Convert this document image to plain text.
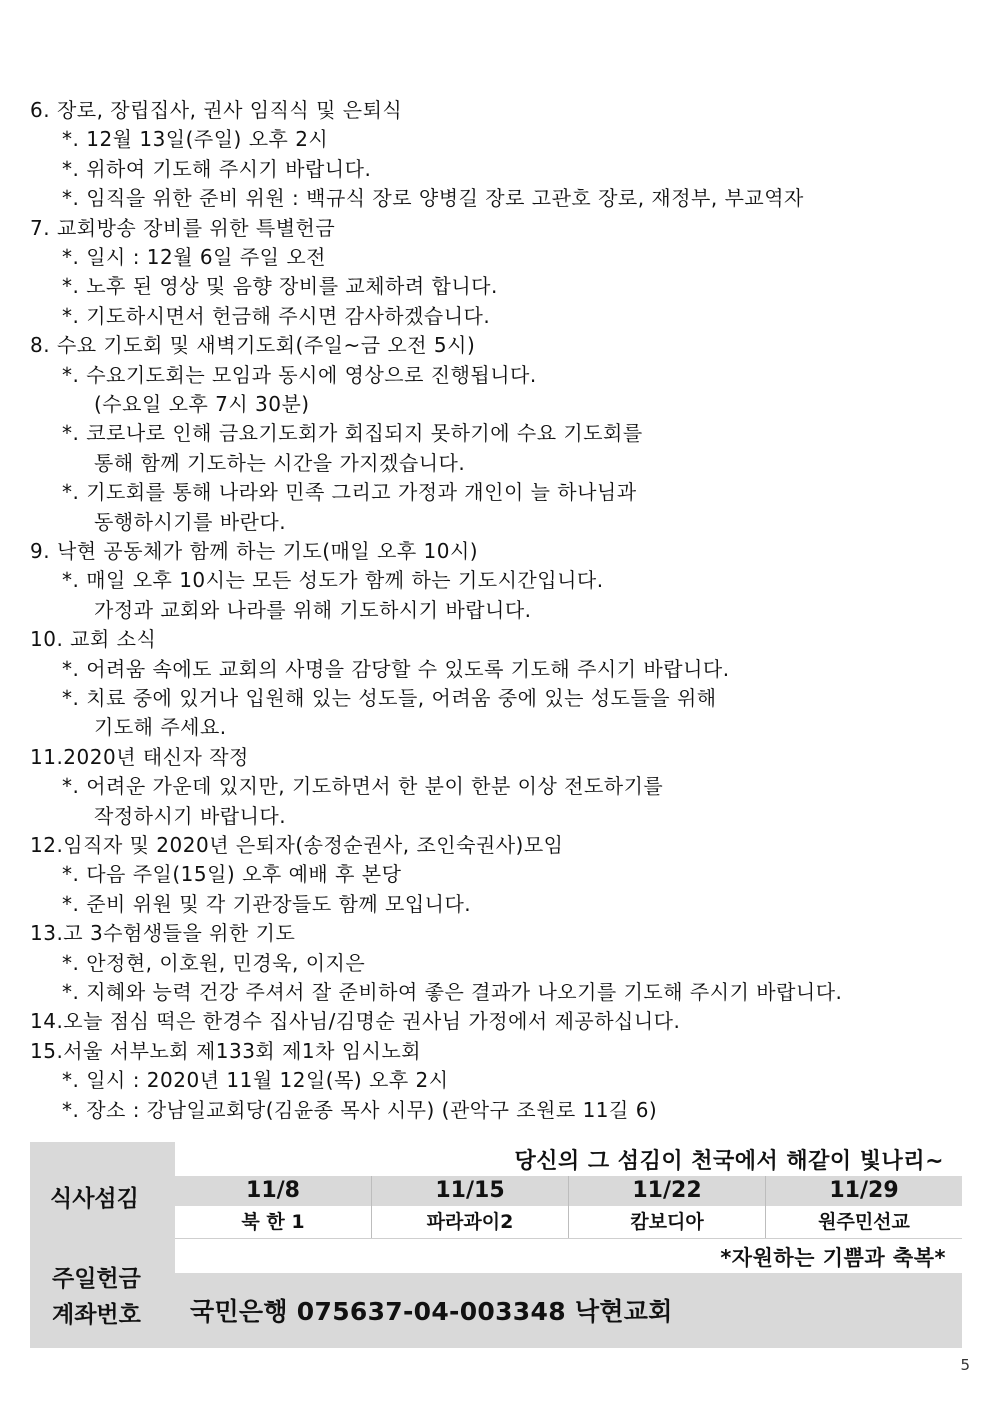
6. 장로, 장립집사, 권사 임직식 및 은퇴식
*. 12월 13일(주일) 오후 2시
*. 위하여 기도해 주시기 바랍니다.
*. 임직을 위한 준비 위원 : 백규식 장로 양병길 장로 고관호 장로, 재정부, 부교역자
7. 교회방송 장비를 위한 특별헌금
*. 일시 : 12월 6일 주일 오전
*. 노후 된 영상 및 음향 장비를 교체하려 합니다.
*. 기도하시면서 헌금해 주시면 감사하겠습니다.
8. 수요 기도회 및 새벽기도회(주일~금 오전 5시)
*. 수요기도회는 모임과 동시에 영상으로 진행됩니다.
(수요일 오후 7시 30분)
*. 코로나로 인해 금요기도회가 회집되지 못하기에 수요 기도회를
통해 함께 기도하는 시간을 가지겠습니다.
*. 기도회를 통해 나라와 민족 그리고 가정과 개인이 늘 하나님과
동행하시기를 바란다.
9. 낙현 공동체가 함께 하는 기도(매일 오후 10시)
*. 매일 오후 10시는 모든 성도가 함께 하는 기도시간입니다.
가정과 교회와 나라를 위해 기도하시기 바랍니다.
10. 교회 소식
*. 어려움 속에도 교회의 사명을 감당할 수 있도록 기도해 주시기 바랍니다.
*. 치료 중에 있거나 입원해 있는 성도들, 어려움 중에 있는 성도들을 위해
기도해 주세요.
11.2020년 태신자 작정
*. 어려운 가운데 있지만, 기도하면서 한 분이 한분 이상 전도하기를
작정하시기 바랍니다.
12.임직자 및 2020년 은퇴자(송정순권사, 조인숙권사)모임
*. 다음 주일(15일) 오후 예배 후 본당
*. 준비 위원 및 각 기관장들도 함께 모입니다.
13.고 3수험생들을 위한 기도
*. 안정현, 이호원, 민경욱, 이지은
*. 지혜와 능력 건강 주셔서 잘 준비하여 좋은 결과가 나오기를 기도해 주시기 바랍니다.
14.오늘 점심 떡은 한경수 집사님/김명순 권사님 가정에서 제공하십니다.
15.서울 서부노회 제133회 제1차 임시노회
*. 일시 : 2020년 11월 12일(목) 오후 2시
*. 장소 : 강남일교회당(김윤종 목사 시무) (관악구 조원로 11길 6)
식사섬김
당신의 그 섬김이 천국에서 해같이 빛나리~
11/8	11/15	11/22	11/29
북 한 1	파라과이2	캄보디아	원주민선교
*자원하는 기쁨과 축복*
주일헌금
계좌번호 국민은행 075637-04-003348 낙현교회
5
